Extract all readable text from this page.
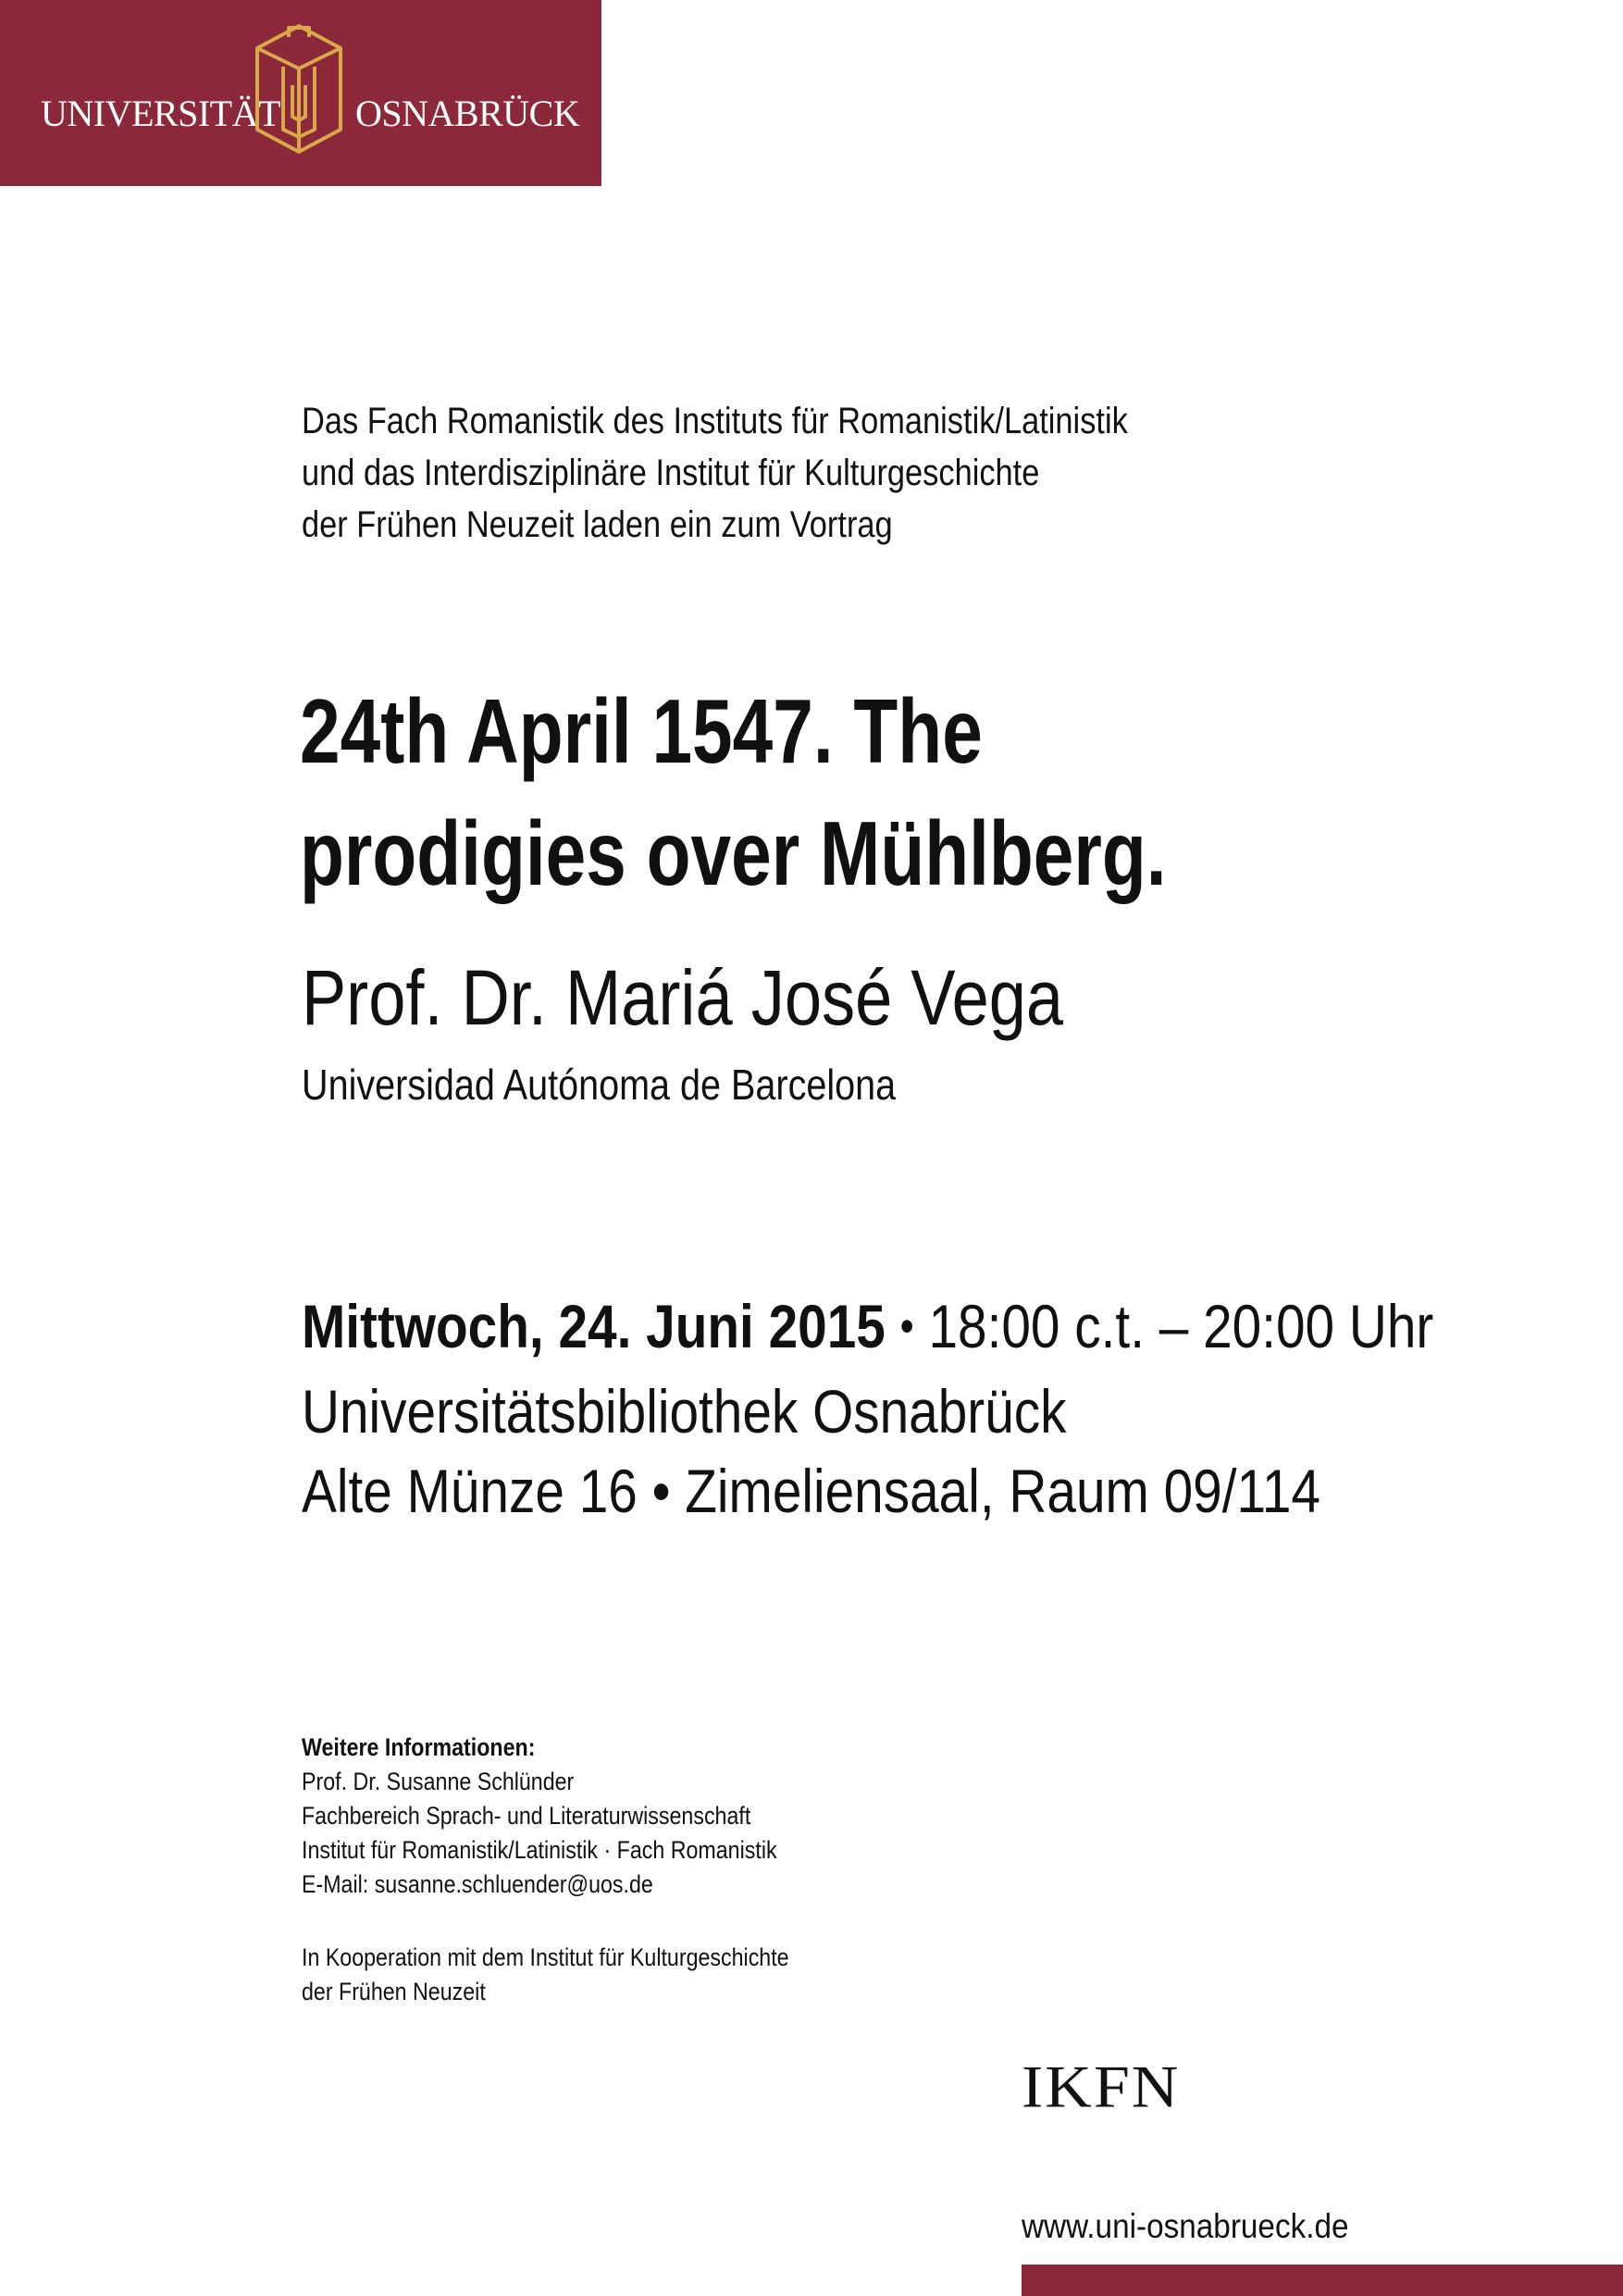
UNIVERSITÄT OSNABRÜCK
Das Fach Romanistik des Instituts für Romanistik/Latinistik
und das Interdisziplinäre Institut für Kulturgeschichte
der Frühen Neuzeit laden ein zum Vortrag
24th April 1547. The
prodigies over Mühlberg.
Prof. Dr. Mariá José Vega
Universidad Autónoma de Barcelona
Mittwoch, 24. Juni 2015 • 18:00 c.t. – 20:00 Uhr
Universitätsbibliothek Osnabrück
Alte Münze 16 • Zimeliensaal, Raum 09/114
Weitere Informationen:
Prof. Dr. Susanne Schlünder
Fachbereich Sprach- und Literaturwissenschaft
Institut für Romanistik/Latinistik · Fach Romanistik
E-Mail: susanne.schluender@uos.de
In Kooperation mit dem Institut für Kulturgeschichte
der Frühen Neuzeit
IKFN
www.uni-osnabrueck.de
